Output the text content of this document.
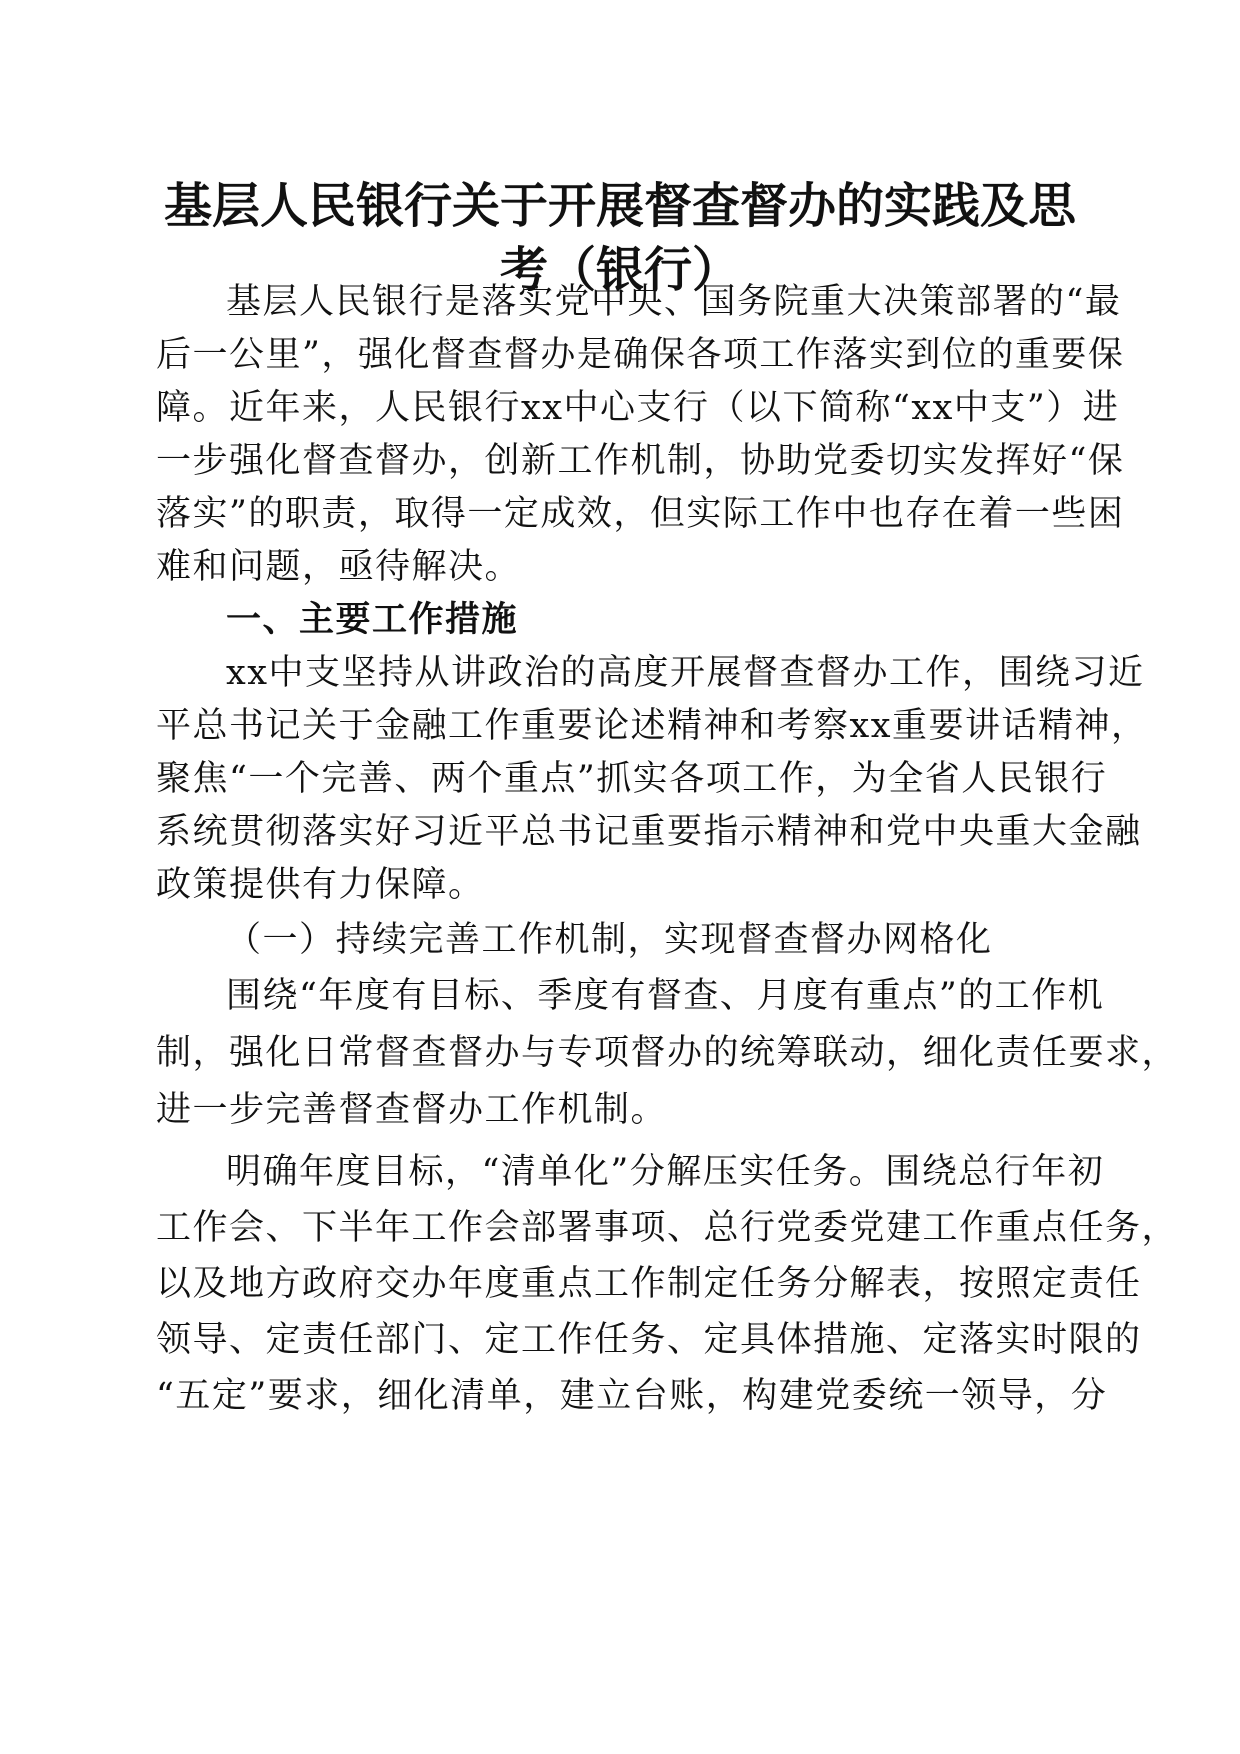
基层人民银行关于开展督查督办的实践及思
考（银行）

基层人民银行是落实党中央、国务院重大决策部署的“最

后一公里”，强化督查督办是确保各项工作落实到位的重要保

障。近年来，人民银行xx中心支行（以下简称“xx中支”）进

一步强化督查督办，创新工作机制，协助党委切实发挥好“保

落实”的职责，取得一定成效，但实际工作中也存在着一些困

难和问题，亟待解决。

一、主要工作措施

xx中支坚持从讲政治的高度开展督查督办工作，围绕习近

平总书记关于金融工作重要论述精神和考察xx重要讲话精神，

聚焦“一个完善、两个重点”抓实各项工作，为全省人民银行

系统贯彻落实好习近平总书记重要指示精神和党中央重大金融

政策提供有力保障。

（一）持续完善工作机制，实现督查督办网格化

围绕“年度有目标、季度有督查、月度有重点”的工作机

制，强化日常督查督办与专项督办的统筹联动，细化责任要求，

进一步完善督查督办工作机制。

明确年度目标，“清单化”分解压实任务。围绕总行年初

工作会、下半年工作会部署事项、总行党委党建工作重点任务，

以及地方政府交办年度重点工作制定任务分解表，按照定责任

领导、定责任部门、定工作任务、定具体措施、定落实时限的

“五定”要求，细化清单，建立台账，构建党委统一领导，分
